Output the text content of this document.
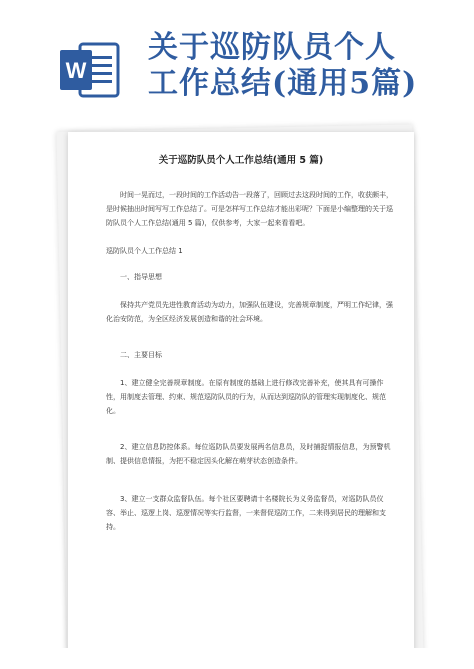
W
关于巡防队员个人
工作总结(通用5篇)
关于巡防队员个人工作总结(通用 5 篇)
时间一晃而过，一段时间的工作活动告一段落了，回顾过去这段时间的工作，收获颇丰，是时候抽出时间写写工作总结了。可是怎样写工作总结才能出彩呢？下面是小编整理的关于巡防队员个人工作总结(通用 5 篇)，仅供参考，大家一起来看看吧。
巡防队员个人工作总结 1
一、指导思想
保持共产党员先进性教育活动为动力，加强队伍建设，完善规章制度，严明工作纪律，强化治安防范，为全区经济发展创造和谐的社会环境。
二、主要目标
1、建立健全完善规章制度。在原有制度的基础上进行修改完善补充，使其具有可操作性，用制度去管理、约束、规范巡防队员的行为，从而达到巡防队的管理实现制度化、规范化。
2、建立信息防控体系。每位巡防队员要发展两名信息员，及时捕捉情报信息，为预警机制、提供信息情报，为把不稳定因头化解在萌芽状态创造条件。
3、建立一支群众监督队伍。每个社区要聘请十名楼院长为义务监督员，对巡防队员仪容、举止、巡逻上岗、巡逻情况等实行监督，一来督促巡防工作，二来得到居民的理解和支持。
